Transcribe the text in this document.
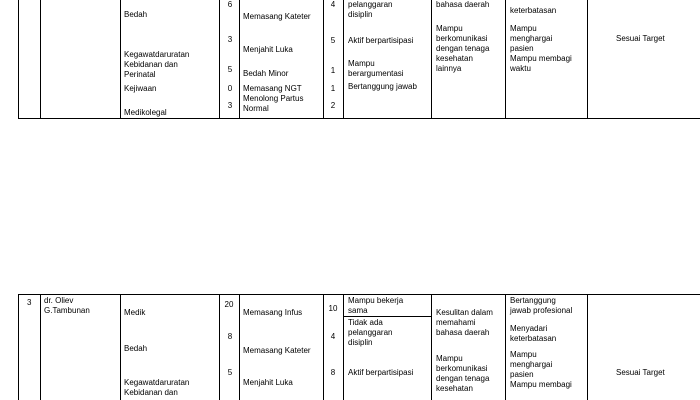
Bedah
Kegawatdaruratan
Kebidanan dan
Perinatal
Kejiwaan
Medikolegal
6
3
5
0
3
Memasang Kateter
Menjahit Luka
Bedah Minor
Memasang NGT
Menolong Partus
Normal
4
5
1
1
2
pelanggaran
disiplin
Aktif berpartisipasi
Mampu
berargumentasi
Bertanggung jawab
bahasa daerah
Mampu
berkomunikasi
dengan tenaga
kesehatan
lainnya
keterbatasan
Mampu
menghargai
pasien
Mampu membagi
waktu
Sesuai Target
3 dr. Oliev
G.Tambunan	Medik
Bedah
Kegawatdaruratan
Kebidanan dan
20
8
5
Memasang Infus
Memasang Kateter
Menjahit Luka
10
4
8
Mampu bekerja
sama
Tidak ada
pelanggaran
disiplin
Aktif berpartisipasi
Kesulitan dalam
memahami
bahasa daerah
Mampu
berkomunikasi
dengan tenaga
kesehatan
Bertanggung
jawab profesional
Menyadari
keterbatasan
Mampu
menghargai
pasien
Mampu membagi
Sesuai Target
